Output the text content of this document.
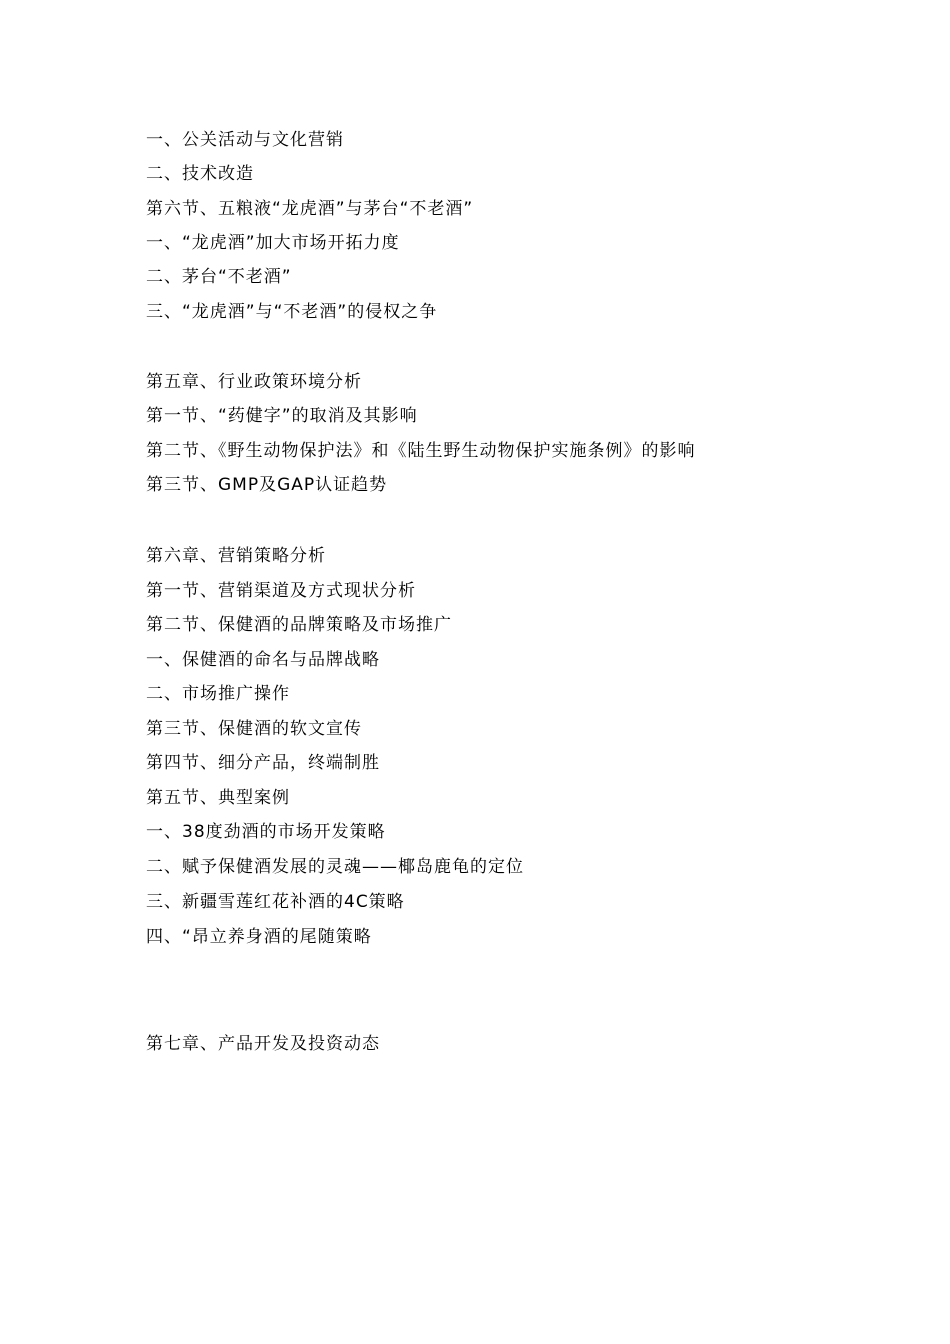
一、公关活动与文化营销
二、技术改造
第六节、五粮液“龙虎酒”与茅台“不老酒”
一、“龙虎酒”加大市场开拓力度
二、茅台“不老酒”
三、“龙虎酒”与“不老酒”的侵权之争
第五章、行业政策环境分析
第一节、“药健字”的取消及其影响
第二节、《野生动物保护法》和《陆生野生动物保护实施条例》的影响
第三节、GMP及GAP认证趋势
第六章、营销策略分析
第一节、营销渠道及方式现状分析
第二节、保健酒的品牌策略及市场推广
一、保健酒的命名与品牌战略
二、市场推广操作
第三节、保健酒的软文宣传
第四节、细分产品，终端制胜
第五节、典型案例
一、38度劲酒的市场开发策略
二、赋予保健酒发展的灵魂——椰岛鹿龟的定位
三、新疆雪莲红花补酒的4C策略
四、“昂立养身酒的尾随策略
第七章、产品开发及投资动态
